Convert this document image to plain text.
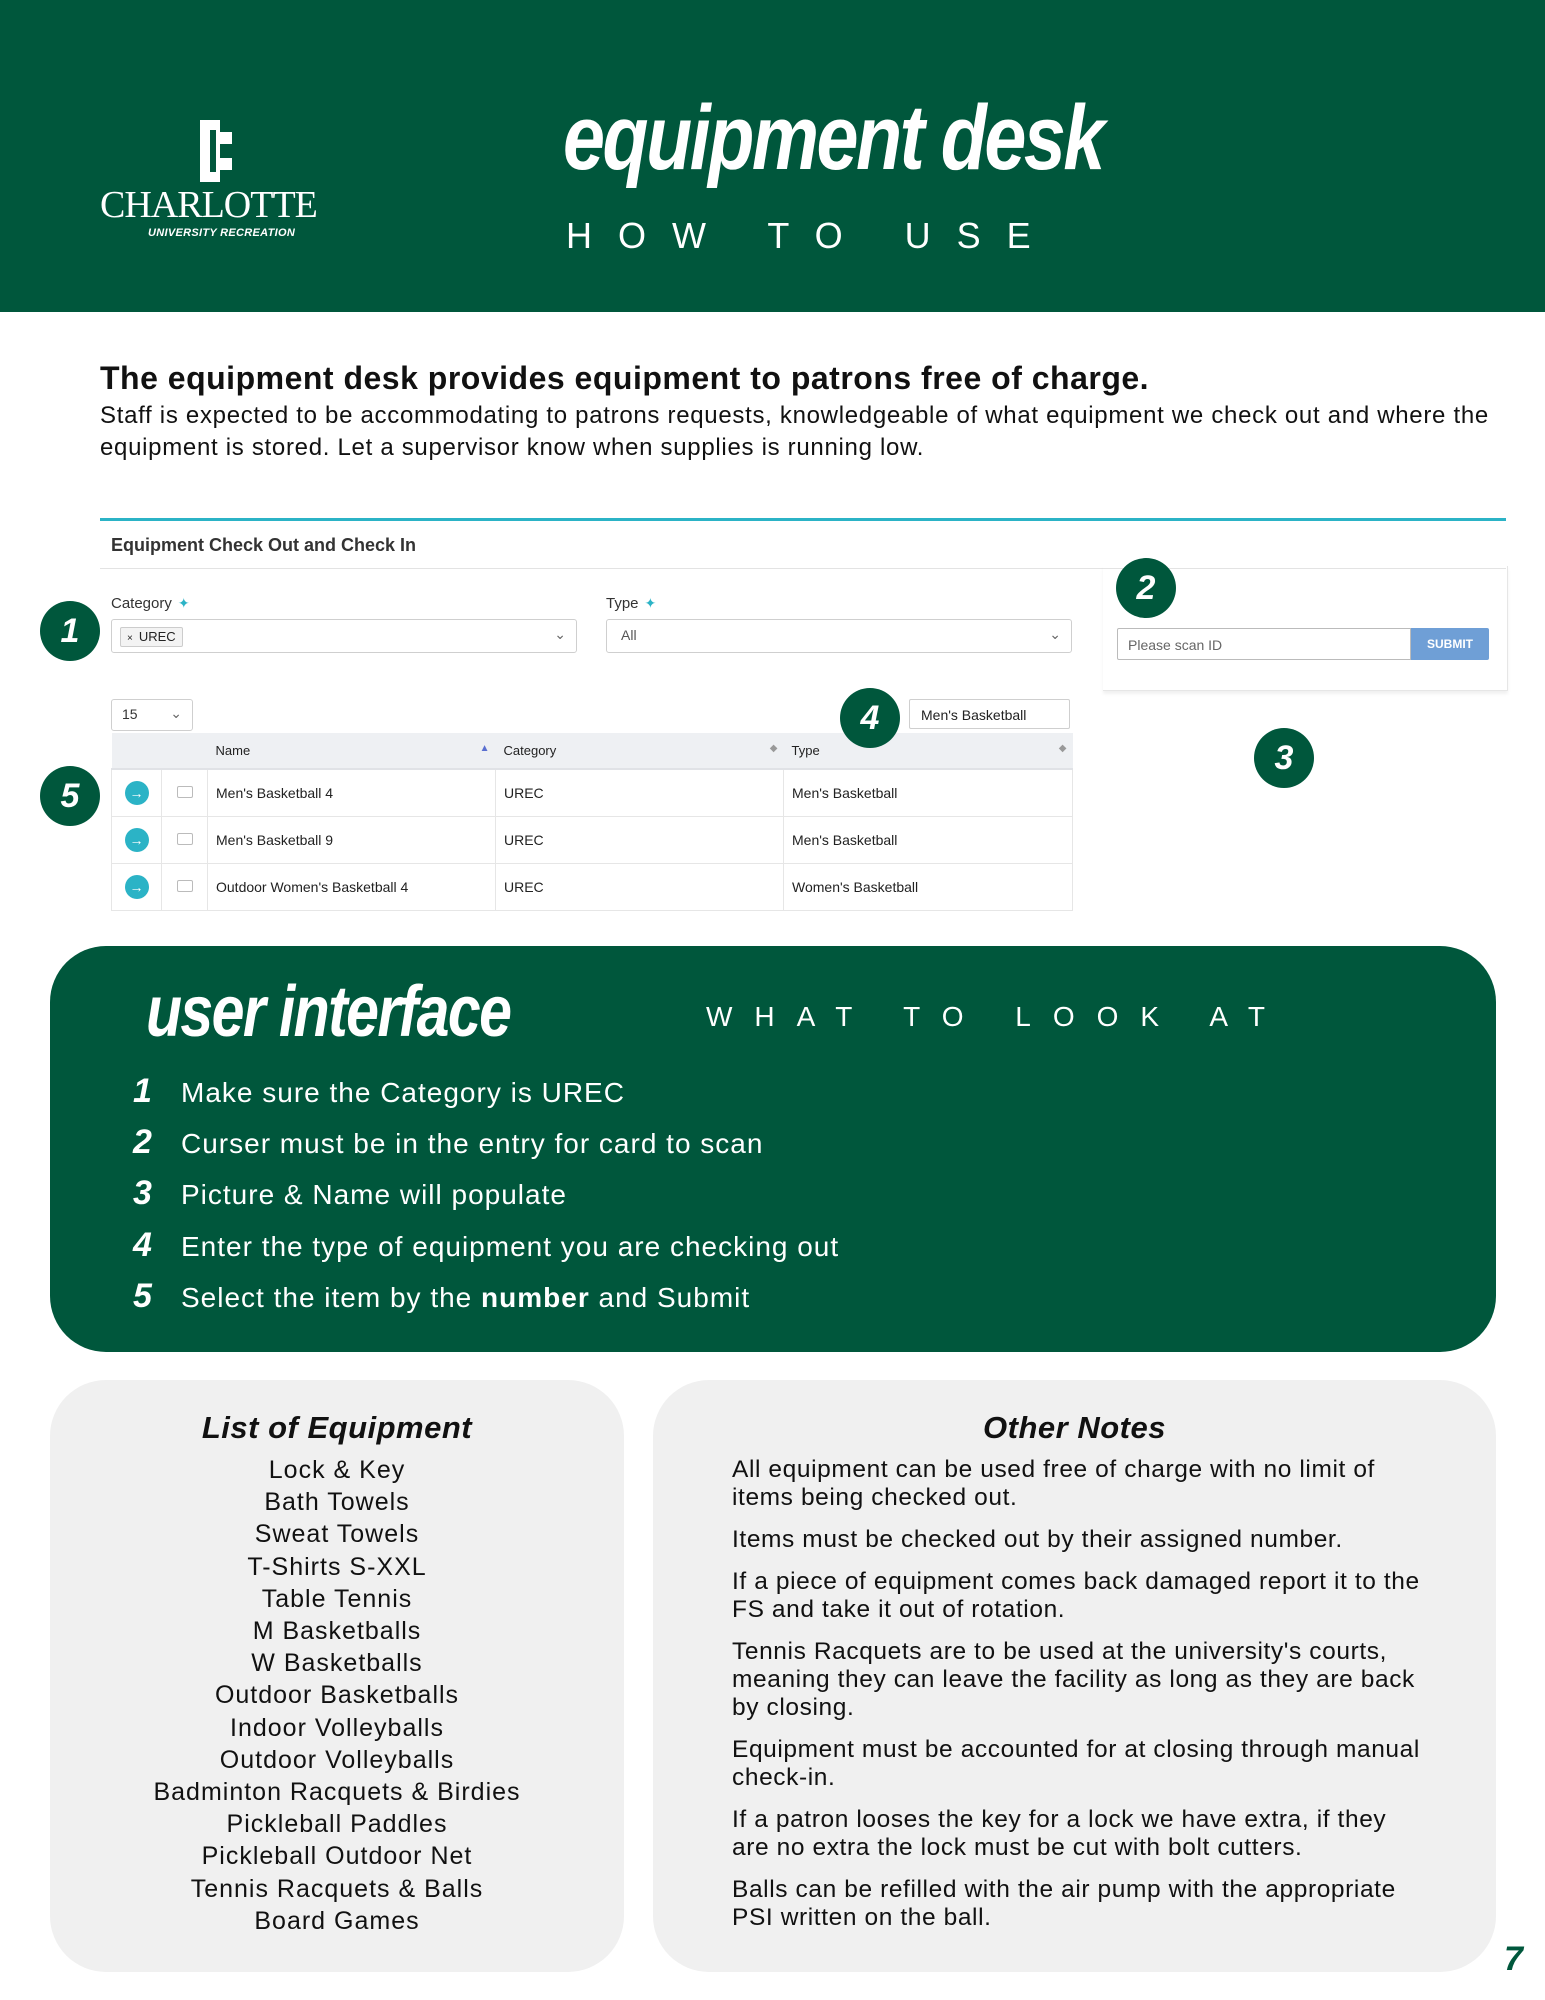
CHARLOTTE
UNIVERSITY RECREATION
equipment desk
HOW TO USE
The equipment desk provides equipment to patrons free of charge.
Staff is expected to be accommodating to patrons requests, knowledgeable of what equipment we check out and where the equipment is stored. Let a supervisor know when supplies is running low.
Equipment Check Out and Check In
Category ✦
× UREC	⌄
Type ✦
All	⌄
Please scan ID	SUBMIT
15 ⌄	Men's Basketball
		Name ▲	Category ◆	Type ◆

→		Men's Basketball 4	UREC	Men's Basketball
→		Men's Basketball 9	UREC	Men's Basketball
→		Outdoor Women's Basketball 4	UREC	Women's Basketball
1
2
3
4
5
user interface	WHAT TO LOOK AT
1 Make sure the Category is UREC
2 Curser must be in the entry for card to scan
3 Picture & Name will populate
4 Enter the type of equipment you are checking out
5 Select the item by the number and Submit
List of Equipment
Lock & Key
Bath Towels
Sweat Towels
T-Shirts S-XXL
Table Tennis
M Basketballs
W Basketballs
Outdoor Basketballs
Indoor Volleyballs
Outdoor Volleyballs
Badminton Racquets & Birdies
Pickleball Paddles
Pickleball Outdoor Net
Tennis Racquets & Balls
Board Games
Other Notes

All equipment can be used free of charge with no limit of items being checked out.

Items must be checked out by their assigned number.

If a piece of equipment comes back damaged report it to the FS and take it out of rotation.

Tennis Racquets are to be used at the university's courts, meaning they can leave the facility as long as they are back by closing.

Equipment must be accounted for at closing through manual check-in.

If a patron looses the key for a lock we have extra, if they are no extra the lock must be cut with bolt cutters.

Balls can be refilled with the air pump with the appropriate PSI written on the ball.

7
